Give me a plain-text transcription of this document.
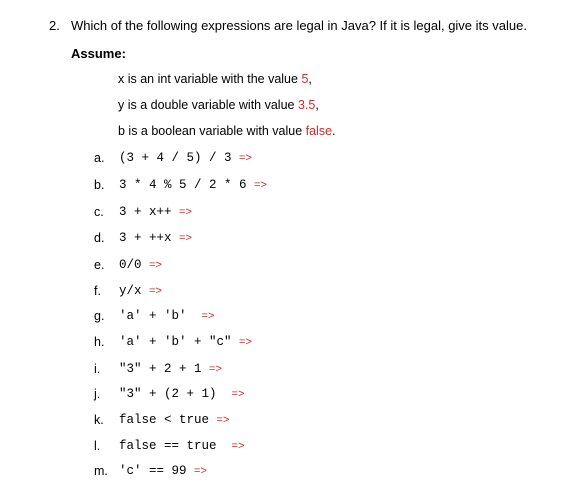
2. Which of the following expressions are legal in Java? If it is legal, give its value.
Assume:
x is an int variable with the value 5,
y is a double variable with value 3.5,
b is a boolean variable with value false.
a. (3 + 4 / 5) / 3 =>
b. 3 * 4 % 5 / 2 * 6 =>
c. 3 + x++ =>
d. 3 + ++x =>
e. 0/0 =>
f. y/x =>
g. 'a' + 'b'  =>
h. 'a' + 'b' + "c" =>
i. "3" + 2 + 1 =>
j. "3" + (2 + 1)  =>
k. false < true =>
l. false == true  =>
m. 'c' == 99 =>
